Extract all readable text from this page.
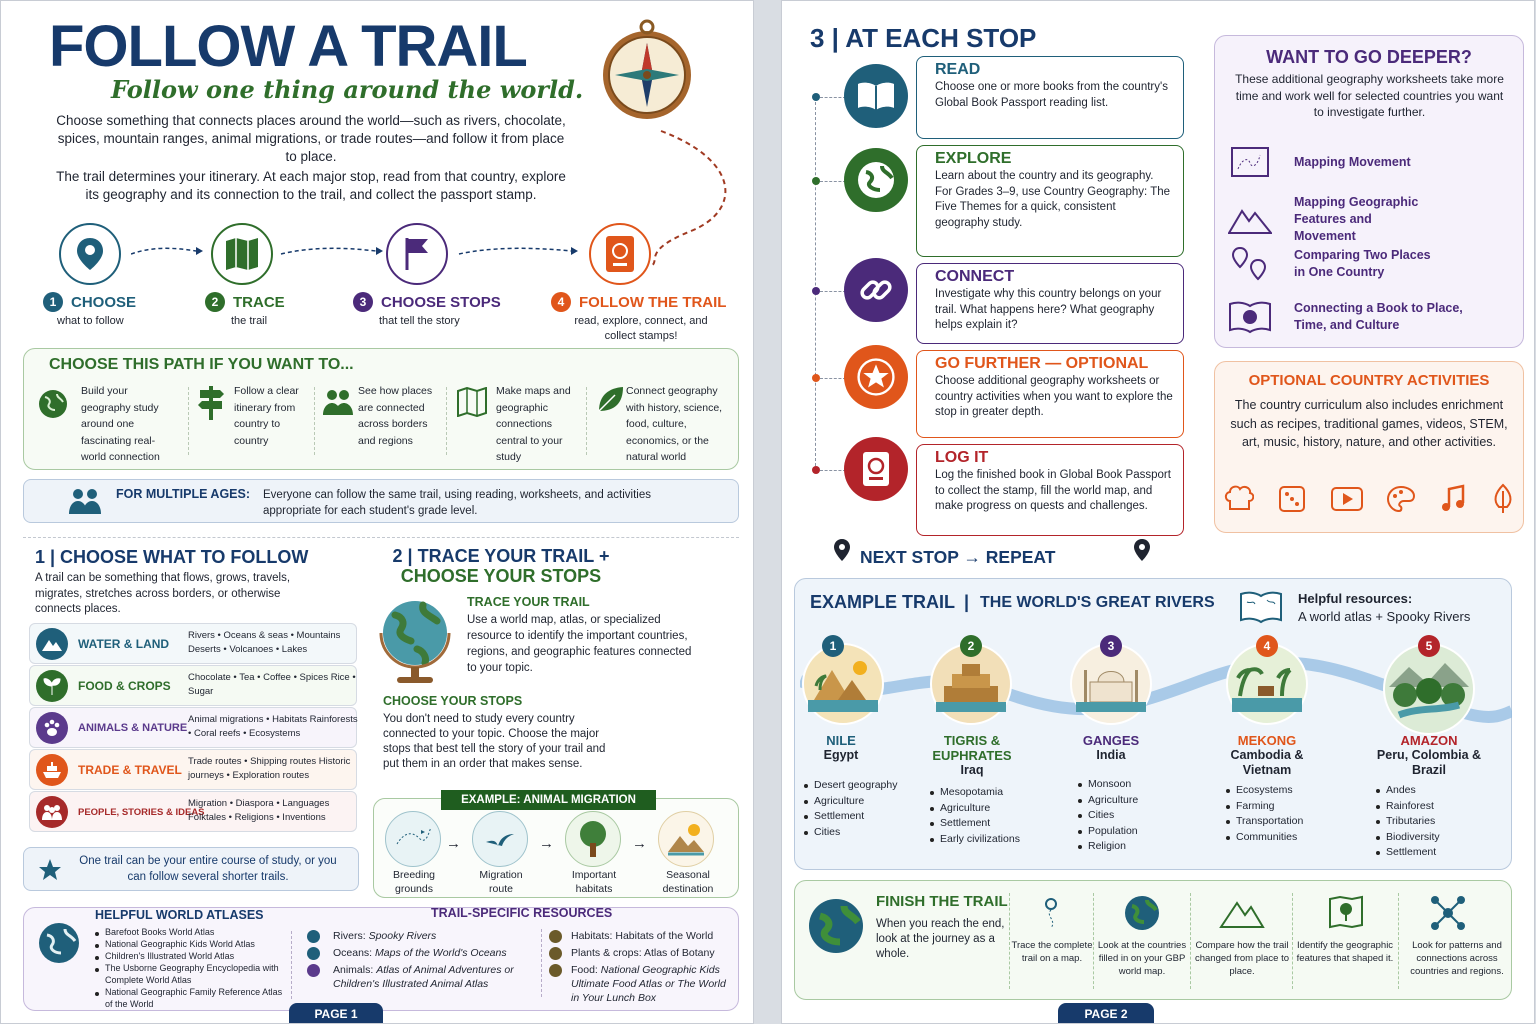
FOLLOW A TRAIL
Follow one thing around the world.
Choose something that connects places around the world—such as rivers, chocolate, spices, mountain ranges, animal migrations, or trade routes—and follow it from place to place.
The trail determines your itinerary. At each major stop, read from that country, explore its geography and its connection to the trail, and collect the passport stamp.
1 CHOOSE
what to follow
2 TRACE
the trail
3 CHOOSE STOPS
that tell the story
4 FOLLOW THE TRAIL
read, explore, connect, and collect stamps!
CHOOSE THIS PATH IF YOU WANT TO...
Build your geography study around one fascinating real-world connection
Follow a clear itinerary from country to country
See how places are connected across borders and regions
Make maps and geographic connections central to your study
Connect geography with history, science, food, culture, economics, or the natural world
FOR MULTIPLE AGES: Everyone can follow the same trail, using reading, worksheets, and activities appropriate for each student's grade level.
1 | CHOOSE WHAT TO FOLLOW
A trail can be something that flows, grows, travels, migrates, stretches across borders, or otherwise connects places.
WATER & LAND
Rivers • Oceans & seas • Mountains Deserts • Volcanoes • Lakes
FOOD & CROPS
Chocolate • Tea • Coffee • Spices Rice • Sugar
ANIMALS & NATURE
Animal migrations • Habitats Rainforests • Coral reefs • Ecosystems
TRADE & TRAVEL
Trade routes • Shipping routes Historic journeys • Exploration routes
PEOPLE, STORIES & IDEAS
Migration • Diaspora • Languages Folktales • Religions • Inventions
One trail can be your entire course of study, or you can follow several shorter trails.
2 | TRACE YOUR TRAIL +
CHOOSE YOUR STOPS
TRACE YOUR TRAIL
Use a world map, atlas, or specialized resource to identify the important countries, regions, and geographic features connected to your topic.
CHOOSE YOUR STOPS
You don't need to study every country connected to your topic. Choose the major stops that best tell the story of your trail and put them in an order that makes sense.
EXAMPLE: ANIMAL MIGRATION
→	→	→
Breeding grounds
Migration route
Important habitats
Seasonal destination
HELPFUL WORLD ATLASES
Barefoot Books World Atlas
National Geographic Kids World Atlas
Children's Illustrated World Atlas
The Usborne Geography Encyclopedia with Complete World Atlas
National Geographic Family Reference Atlas of the World
TRAIL-SPECIFIC RESOURCES
Rivers: Spooky Rivers
Oceans: Maps of the World's Oceans
Animals: Atlas of Animal Adventures or Children's Illustrated Animal Atlas
Habitats: Habitats of the World
Plants & crops: Atlas of Botany
Food: National Geographic Kids Ultimate Food Atlas or The World in Your Lunch Box
PAGE 1
3 | AT EACH STOP
READ
Choose one or more books from the country's Global Book Passport reading list.
EXPLORE
Learn about the country and its geography. For Grades 3–9, use Country Geography: The Five Themes for a quick, consistent geography study.
CONNECT
Investigate why this country belongs on your trail. What happens here? What geography helps explain it?
GO FURTHER — OPTIONAL
Choose additional geography worksheets or country activities when you want to explore the stop in greater depth.
LOG IT
Log the finished book in Global Book Passport to collect the stamp, fill the world map, and make progress on quests and challenges.
NEXT STOP → REPEAT
WANT TO GO DEEPER?
These additional geography worksheets take more time and work well for selected countries you want to investigate further.
Mapping Movement
Mapping Geographic Features and Movement
Comparing Two Places in One Country
Connecting a Book to Place, Time, and Culture
OPTIONAL COUNTRY ACTIVITIES
The country curriculum also includes enrichment such as recipes, traditional games, videos, STEM, art, music, history, nature, and other activities.
EXAMPLE TRAIL | THE WORLD'S GREAT RIVERS	Helpful resources:
A world atlas + Spooky Rivers
1	2	3	4	5
NILE
Egypt
TIGRIS & EUPHRATES
Iraq
GANGES
India
MEKONG
Cambodia & Vietnam
AMAZON
Peru, Colombia & Brazil
Desert geography
Agriculture
Settlement
Cities
Mesopotamia
Agriculture
Settlement
Early civilizations
Monsoon
Agriculture
Cities
Population
Religion
Ecosystems
Farming
Transportation
Communities
Andes
Rainforest
Tributaries
Biodiversity
Settlement
FINISH THE TRAIL
When you reach the end, look at the journey as a whole.
Trace the complete trail on a map.
Look at the countries filled in on your GBP world map.
Compare how the trail changed from place to place.
Identify the geographic features that shaped it.
Look for patterns and connections across countries and regions.
PAGE 2
